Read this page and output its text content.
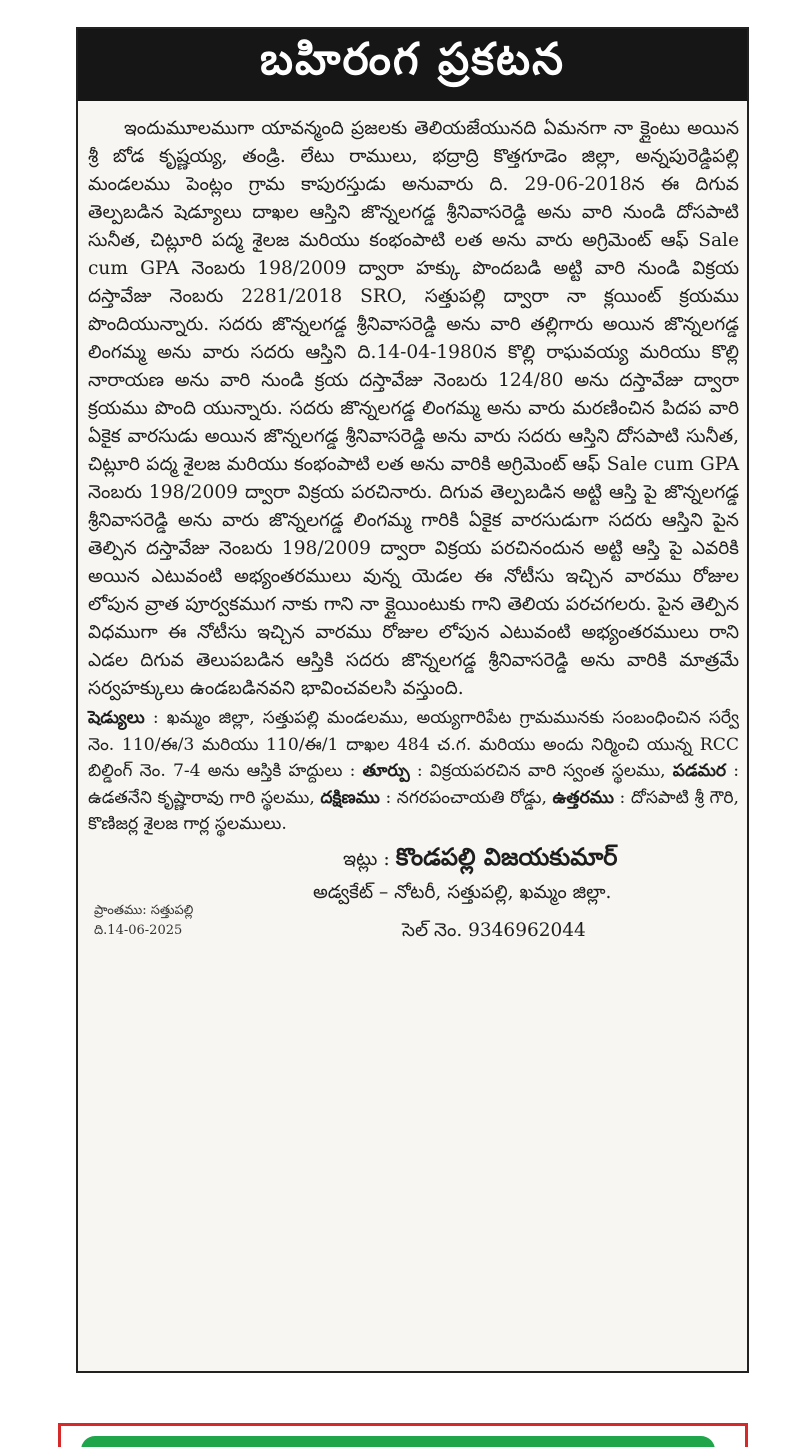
బహిరంగ ప్రకటన

ఇందుమూలముగా యావన్మంది ప్రజలకు తెలియజేయునది ఏమనగా నా క్లైంటు అయిన శ్రీ బోడ కృష్ణయ్య, తండ్రి. లేటు రాములు, భద్రాద్రి కొత్తగూడెం జిల్లా, అన్నపురెడ్డిపల్లి మండలము పెంట్లం గ్రామ కాపురస్తుడు అనువారు ది. 29-06-2018న ఈ దిగువ తెల్పబడిన షెడ్యూలు దాఖల ఆస్తిని జొన్నలగడ్డ శ్రీనివాసరెడ్డి అను వారి నుండి దోసపాటి సునీత, చిట్లూరి పద్మ శైలజ మరియు కంభంపాటి లత అను వారు అగ్రిమెంట్ ఆఫ్ Sale cum GPA నెంబరు 198/2009 ద్వారా హక్కు పొందబడి అట్టి వారి నుండి విక్రయ దస్తావేజు నెంబరు 2281/2018 SRO, సత్తుపల్లి ద్వారా నా క్లయింట్ క్రయము పొందియున్నారు. సదరు జొన్నలగడ్డ శ్రీనివాసరెడ్డి అను వారి తల్లిగారు అయిన జొన్నలగడ్డ లింగమ్మ అను వారు సదరు ఆస్తిని ది.14-04-1980న కొల్లి రాఘవయ్య మరియు కొల్లి నారాయణ అను వారి నుండి క్రయ దస్తావేజు నెంబరు 124/80 అను దస్తావేజు ద్వారా క్రయము పొంది యున్నారు. సదరు జొన్నలగడ్డ లింగమ్మ అను వారు మరణించిన పిదప వారి ఏకైక వారసుడు అయిన జొన్నలగడ్డ శ్రీనివాసరెడ్డి అను వారు సదరు ఆస్తిని దోసపాటి సునీత, చిట్లూరి పద్మ శైలజ మరియు కంభంపాటి లత అను వారికి అగ్రిమెంట్ ఆఫ్ Sale cum GPA నెంబరు 198/2009 ద్వారా విక్రయ పరచినారు. దిగువ తెల్పబడిన అట్టి ఆస్తి పై జొన్నలగడ్డ శ్రీనివాసరెడ్డి అను వారు జొన్నలగడ్డ లింగమ్మ గారికి ఏకైక వారసుడుగా సదరు ఆస్తిని పైన తెల్పిన దస్తావేజు నెంబరు 198/2009 ద్వారా విక్రయ పరచినందున అట్టి ఆస్తి పై ఎవరికి అయిన ఎటువంటి అభ్యంతరములు వున్న యెడల ఈ నోటీసు ఇచ్చిన వారము రోజుల లోపున వ్రాత పూర్వకముగ నాకు గాని నా క్లైయింటుకు గాని తెలియ పరచగలరు. పైన తెల్పిన విధముగా ఈ నోటీసు ఇచ్చిన వారము రోజుల లోపున ఎటువంటి అభ్యంతరములు రాని ఎడల దిగువ తెలుపబడిన ఆస్తికి సదరు జొన్నలగడ్డ శ్రీనివాసరెడ్డి అను వారికి మాత్రమే సర్వహక్కులు ఉండబడినవని భావించవలసి వస్తుంది.

షెడ్యులు : ఖమ్మం జిల్లా, సత్తుపల్లి మండలము, అయ్యగారిపేట గ్రామమునకు సంబంధించిన సర్వే నెం. 110/ఈ/3 మరియు 110/ఈ/1 దాఖల 484 చ.గ. మరియు అందు నిర్మించి యున్న RCC బిల్డింగ్ నెం. 7-4 అను ఆస్తికి హద్దులు : తూర్పు : విక్రయపరచిన వారి స్వంత స్థలము, పడమర : ఉడతనేని కృష్ణారావు గారి స్థలము, దక్షిణము : నగరపంచాయతి రోడ్డు, ఉత్తరము : దోసపాటి శ్రీ గౌరి, కొణిజర్ల శైలజ గార్ల స్థలములు.
ఇట్లు : కొండపల్లి విజయకుమార్
అడ్వకేట్ – నోటరీ, సత్తుపల్లి, ఖమ్మం జిల్లా.
సెల్ నెం. 9346962044
ప్రాంతము: సత్తుపల్లి
ది.14-06-2025
